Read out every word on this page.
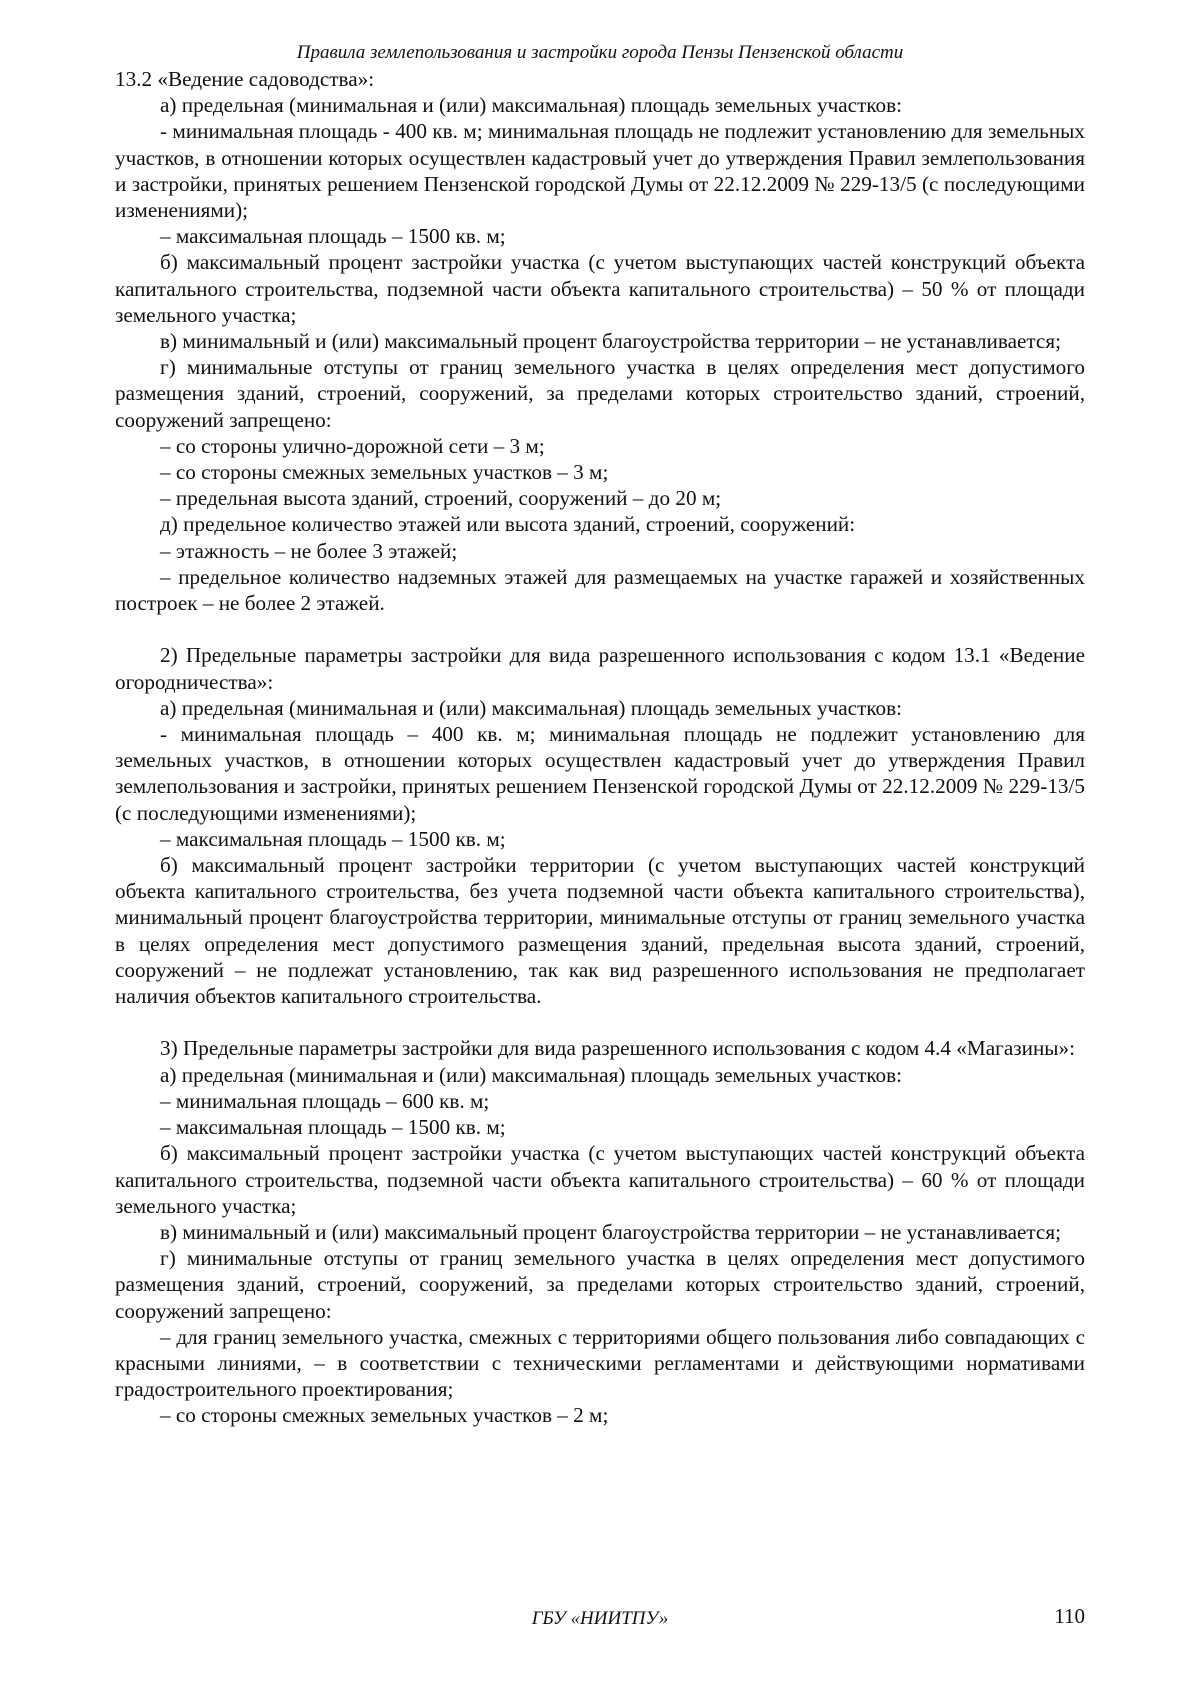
Правила землепользования и застройки города Пензы Пензенской области

13.2 «Ведение садоводства»:

а) предельная (минимальная и (или) максимальная) площадь земельных участков:

- минимальная площадь - 400 кв. м; минимальная площадь не подлежит установлению для земельных участков, в отношении которых осуществлен кадастровый учет до утверждения Правил землепользования и застройки, принятых решением Пензенской городской Думы от 22.12.2009 № 229-13/5 (с последующими изменениями);

– максимальная площадь – 1500 кв. м;

б) максимальный процент застройки участка (с учетом выступающих частей конструкций объекта капитального строительства, подземной части объекта капитального строительства) – 50 % от площади земельного участка;

в) минимальный и (или) максимальный процент благоустройства территории – не устанавливается;

г) минимальные отступы от границ земельного участка в целях определения мест допустимого размещения зданий, строений, сооружений, за пределами которых строительство зданий, строений, сооружений запрещено:

– со стороны улично-дорожной сети – 3 м;

– со стороны смежных земельных участков – 3 м;

– предельная высота зданий, строений, сооружений – до 20 м;

д) предельное количество этажей или высота зданий, строений, сооружений:

– этажность – не более 3 этажей;

– предельное количество надземных этажей для размещаемых на участке гаражей и хозяйственных построек – не более 2 этажей.

2) Предельные параметры застройки для вида разрешенного использования с кодом 13.1 «Ведение огородничества»:

а) предельная (минимальная и (или) максимальная) площадь земельных участков:

- минимальная площадь – 400 кв. м; минимальная площадь не подлежит установлению для земельных участков, в отношении которых осуществлен кадастровый учет до утверждения Правил землепользования и застройки, принятых решением Пензенской городской Думы от 22.12.2009 № 229-13/5 (с последующими изменениями);

– максимальная площадь – 1500 кв. м;

б) максимальный процент застройки территории (с учетом выступающих частей конструкций объекта капитального строительства, без учета подземной части объекта капитального строительства), минимальный процент благоустройства территории, минимальные отступы от границ земельного участка в целях определения мест допустимого размещения зданий, предельная высота зданий, строений, сооружений – не подлежат установлению, так как вид разрешенного использования не предполагает наличия объектов капитального строительства.

3) Предельные параметры застройки для вида разрешенного использования с кодом 4.4 «Магазины»:

а) предельная (минимальная и (или) максимальная) площадь земельных участков:

– минимальная площадь – 600 кв. м;

– максимальная площадь – 1500 кв. м;

б) максимальный процент застройки участка (с учетом выступающих частей конструкций объекта капитального строительства, подземной части объекта капитального строительства) – 60 % от площади земельного участка;

в) минимальный и (или) максимальный процент благоустройства территории – не устанавливается;

г) минимальные отступы от границ земельного участка в целях определения мест допустимого размещения зданий, строений, сооружений, за пределами которых строительство зданий, строений, сооружений запрещено:

– для границ земельного участка, смежных с территориями общего пользования либо совпадающих с красными линиями, – в соответствии с техническими регламентами и действующими нормативами градостроительного проектирования;

– со стороны смежных земельных участков – 2 м;

ГБУ «НИИТПУ»	110
